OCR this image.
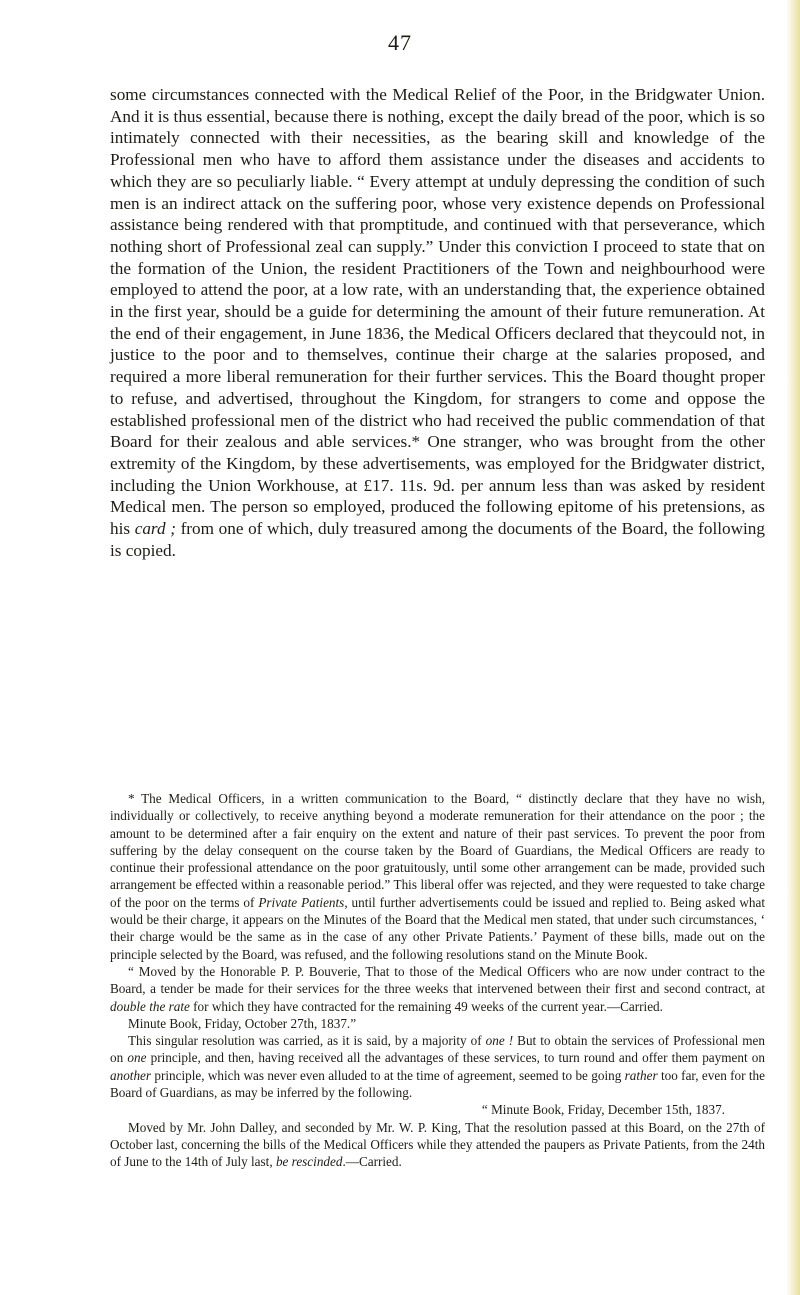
47

some circumstances connected with the Medical Relief of the Poor, in the Bridgwater Union. And it is thus essential, because there is nothing, except the daily bread of the poor, which is so intimately connected with their necessities, as the bearing skill and knowledge of the Professional men who have to afford them assistance under the diseases and accidents to which they are so peculiarly liable. “ Every attempt at unduly depressing the condition of such men is an indirect attack on the suffering poor, whose very existence depends on Professional assistance being rendered with that promptitude, and continued with that perseverance, which nothing short of Professional zeal can supply.” Under this conviction I proceed to state that on the formation of the Union, the resident Practitioners of the Town and neighbourhood were employed to attend the poor, at a low rate, with an understanding that, the experience obtained in the first year, should be a guide for determining the amount of their future remuneration. At the end of their engagement, in June 1836, the Medical Officers declared that theycould not, in justice to the poor and to themselves, continue their charge at the salaries proposed, and required a more liberal remuneration for their further services. This the Board thought proper to refuse, and advertised, throughout the Kingdom, for strangers to come and oppose the established professional men of the district who had received the public commendation of that Board for their zealous and able services.* One stranger, who was brought from the other extremity of the Kingdom, by these advertisements, was employed for the Bridgwater district, including the Union Workhouse, at £17. 11s. 9d. per annum less than was asked by resident Medical men. The person so employed, produced the following epitome of his pretensions, as his card ; from one of which, duly treasured among the documents of the Board, the following is copied.

* The Medical Officers, in a written communication to the Board, “ distinctly declare that they have no wish, individually or collectively, to receive anything beyond a moderate remuneration for their attendance on the poor ; the amount to be determined after a fair enquiry on the extent and nature of their past services. To prevent the poor from suffering by the delay consequent on the course taken by the Board of Guardians, the Medical Officers are ready to continue their professional attendance on the poor gratuitously, until some other arrangement can be made, provided such arrangement be effected within a reasonable period.” This liberal offer was rejected, and they were requested to take charge of the poor on the terms of Private Patients, until further advertisements could be issued and replied to. Being asked what would be their charge, it appears on the Minutes of the Board that the Medical men stated, that under such circumstances, ‘ their charge would be the same as in the case of any other Private Patients.’ Payment of these bills, made out on the principle selected by the Board, was refused, and the following resolutions stand on the Minute Book.

“ Moved by the Honorable P. P. Bouverie, That to those of the Medical Officers who are now under contract to the Board, a tender be made for their services for the three weeks that intervened between their first and second contract, at double the rate for which they have contracted for the remaining 49 weeks of the current year.—Carried.

Minute Book, Friday, October 27th, 1837.”

This singular resolution was carried, as it is said, by a majority of one ! But to obtain the services of Professional men on one principle, and then, having received all the advantages of these services, to turn round and offer them payment on another principle, which was never even alluded to at the time of agreement, seemed to be going rather too far, even for the Board of Guardians, as may be inferred by the following.

“ Minute Book, Friday, December 15th, 1837.

Moved by Mr. John Dalley, and seconded by Mr. W. P. King, That the resolution passed at this Board, on the 27th of October last, concerning the bills of the Medical Officers while they attended the paupers as Private Patients, from the 24th of June to the 14th of July last, be rescinded.—Carried.
